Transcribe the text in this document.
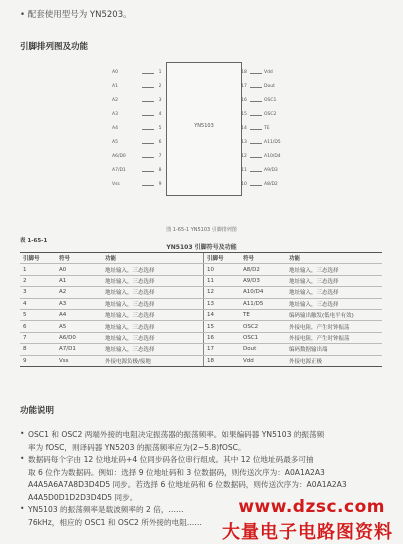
• 配套使用型号为 YN5203。
引脚排列图及功能
YN5103
A0	1
A1	2
A2	3
A3	4
A4	5
A5	6
A6/D0	7
A7/D1	8
Vss	9
18	Vdd
17	Dout
16	OSC1
15	OSC2
14	TE
13	A11/D5
12	A10/D4
11	A9/D3
10	A8/D2
图 1-65-1 YN5103 引脚排列图
表 1-65-1
YN5103 引脚符号及功能
引脚号	符号	功能	引脚号	符号	功能
1	A0	地址输入，三态选择	10	A8/D2	地址输入，三态选择
2	A1	地址输入，三态选择	11	A9/D3	地址输入，三态选择
3	A2	地址输入，三态选择	12	A10/D4	地址输入，三态选择
4	A3	地址输入，三态选择	13	A11/D5	地址输入，三态选择
5	A4	地址输入，三态选择	14	TE	编码输出触发(低电平有效)
6	A5	地址输入，三态选择	15	OSC2	外接电阻，产生时钟振荡
7	A6/D0	地址输入，三态选择	16	OSC1	外接电阻，产生时钟振荡
8	A7/D1	地址输入，三态选择	17	Dout	编码数据输出端
9	Vss	外接电源负极/接地	18	Vdd	外接电源正极
功能说明
• OSC1 和 OSC2 两端外接的电阻决定振荡器的振荡频率。如果编码器 YN5103 的振荡频
率为 fOSC，则译码器 YN5203 的振荡频率应为(2~5.8)fOSC。
• 数据码每个字由 12 位地址码+4 位同步码各位串行组成。其中 12 位地址码最多可抽
取 6 位作为数据码。例如：选择 9 位地址码和 3 位数据码，则传送次序为：A0A1A2A3
A4A5A6A7A8D3D4D5 同步。若选择 6 位地址码和 6 位数据码，则传送次序为：A0A1A2A3
A4A5D0D1D2D3D4D5 同步。
• YN5103 的振荡频率是载波频率的 2 倍，……
76kHz，相应的 OSC1 和 OSC2 所外接的电阻……
www.dzsc.com
大量电子电路图资料
